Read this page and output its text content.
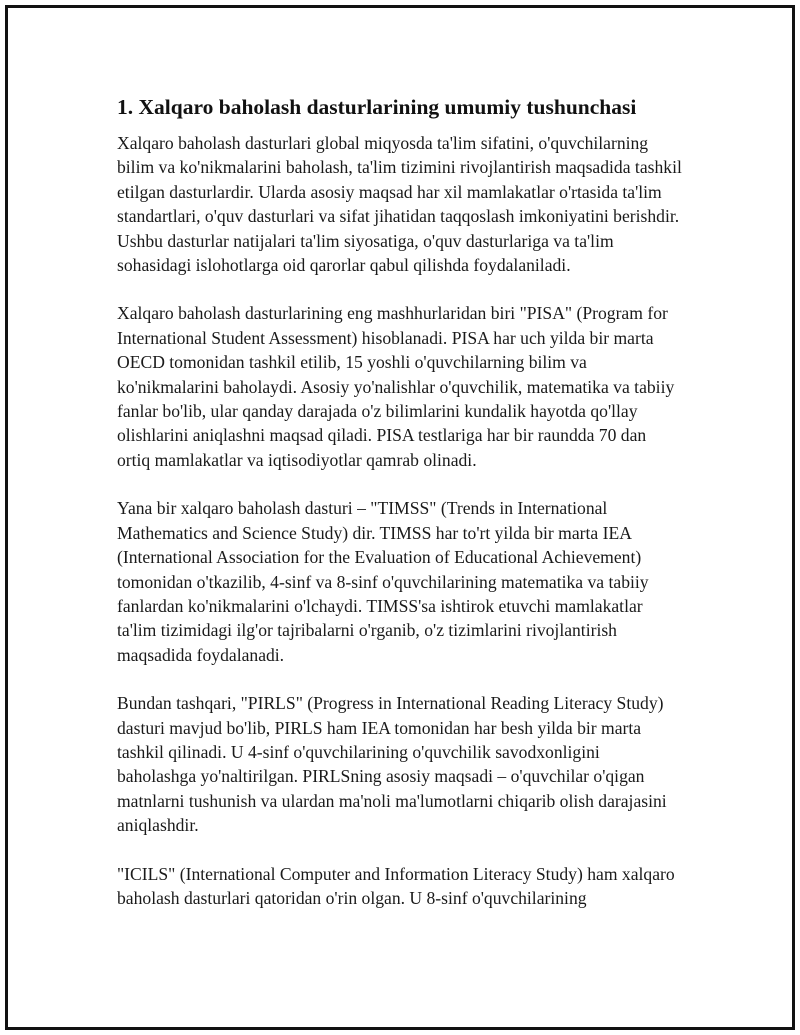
1. Xalqaro baholash dasturlarining umumiy tushunchasi

Xalqaro baholash dasturlari global miqyosda ta'lim sifatini, o'quvchilarning bilim va ko'nikmalarini baholash, ta'lim tizimini rivojlantirish maqsadida tashkil etilgan dasturlardir. Ularda asosiy maqsad har xil mamlakatlar o'rtasida ta'lim standartlari, o'quv dasturlari va sifat jihatidan taqqoslash imkoniyatini berishdir. Ushbu dasturlar natijalari ta'lim siyosatiga, o'quv dasturlariga va ta'lim sohasidagi islohotlarga oid qarorlar qabul qilishda foydalaniladi.

Xalqaro baholash dasturlarining eng mashhurlaridan biri "PISA" (Program for International Student Assessment) hisoblanadi. PISA har uch yilda bir marta OECD tomonidan tashkil etilib, 15 yoshli o'quvchilarning bilim va ko'nikmalarini baholaydi. Asosiy yo'nalishlar o'quvchilik, matematika va tabiiy fanlar bo'lib, ular qanday darajada o'z bilimlarini kundalik hayotda qo'llay olishlarini aniqlashni maqsad qiladi. PISA testlariga har bir raundda 70 dan ortiq mamlakatlar va iqtisodiyotlar qamrab olinadi.

Yana bir xalqaro baholash dasturi – "TIMSS" (Trends in International Mathematics and Science Study) dir. TIMSS har to'rt yilda bir marta IEA (International Association for the Evaluation of Educational Achievement) tomonidan o'tkazilib, 4-sinf va 8-sinf o'quvchilarining matematika va tabiiy fanlardan ko'nikmalarini o'lchaydi. TIMSS'sa ishtirok etuvchi mamlakatlar ta'lim tizimidagi ilg'or tajribalarni o'rganib, o'z tizimlarini rivojlantirish maqsadida foydalanadi.

Bundan tashqari, "PIRLS" (Progress in International Reading Literacy Study) dasturi mavjud bo'lib, PIRLS ham IEA tomonidan har besh yilda bir marta tashkil qilinadi. U 4-sinf o'quvchilarining o'quvchilik savodxonligini baholashga yo'naltirilgan. PIRLSning asosiy maqsadi – o'quvchilar o'qigan matnlarni tushunish va ulardan ma'noli ma'lumotlarni chiqarib olish darajasini aniqlashdir.

"ICILS" (International Computer and Information Literacy Study) ham xalqaro baholash dasturlari qatoridan o'rin olgan. U 8-sinf o'quvchilarining
